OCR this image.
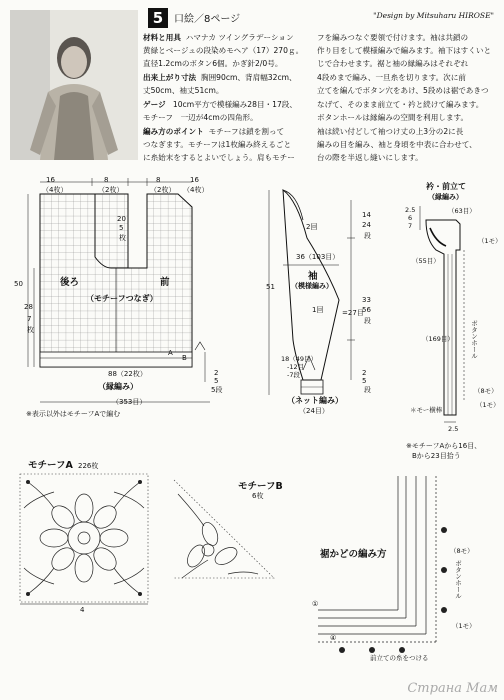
5	口絵／8ページ	"Design by Mitsuharu HIROSE"
材料と用具 ハマナカ ツイングラデーション
黄緑とベージュの段染めモヘア（17）270ｇ。
直径1.2cmのボタン6個。かぎ針2/0号。
出来上がり寸法 胸囲90cm、背肩幅32cm、
丈50cm、袖丈51cm。
ゲージ 10cm平方で模様編み28目・17段、
モチーフ　一辺が4cmの四角形。
編み方のポイント モチーフは鎖を割って
つなぎます。モチーフは1枚編み終えるごと
に糸始末をするとよいでしょう。肩もモチー
フを編みつなぐ要領で付けます。袖は共鎖の
作り目をして模様編みで編みます。袖下はすくいと
じで合わせます。裾と袖の縁編みはそれぞれ
4段めまで編み、一旦糸を切ります。次に前
立てを編んでボタン穴をあけ、5段めは裾であきつ
なげて、そのまま前立て・衿と続けて編みます。
ボタンホールは縁編みの空間を利用します。
袖は続い付どして袖つけ丈の上3分の2に長
編みの目を編み、袖と身頃を中表に合わせて、
台の際を半返し縫いにします。
16
（4枚）
8
（2枚）
8
（2枚）
16
（4枚）
20
5
枚
28
7
枚
50	後ろ	前
（モチーフつなぎ）
A
B
88（22枚）
（縁編み）
（353目）
2
5
5段
※表示以外はモチーフAで編む
2回
36（103目）
袖
（模様編み）
1回
51
14
24
段
33
56
段
=27目
2
5
段
18（49目）
-12目
-7段
（ネット編み）
（24目）
衿・前立て
（縁編み）
（63目）
2.5
6
7
（1モ）
（55目）
（169目） ボタンホール
（8モ）
（1モ）
＊モー横棒
2.5
※モチーフAから16目、
Bから23目拾う
モチーフA 226枚
4
モチーフB
6枚
裾かどの編み方	（8モ）
ボタンホール
（1モ）
④
①
前立ての糸をつける
Страна Мам
